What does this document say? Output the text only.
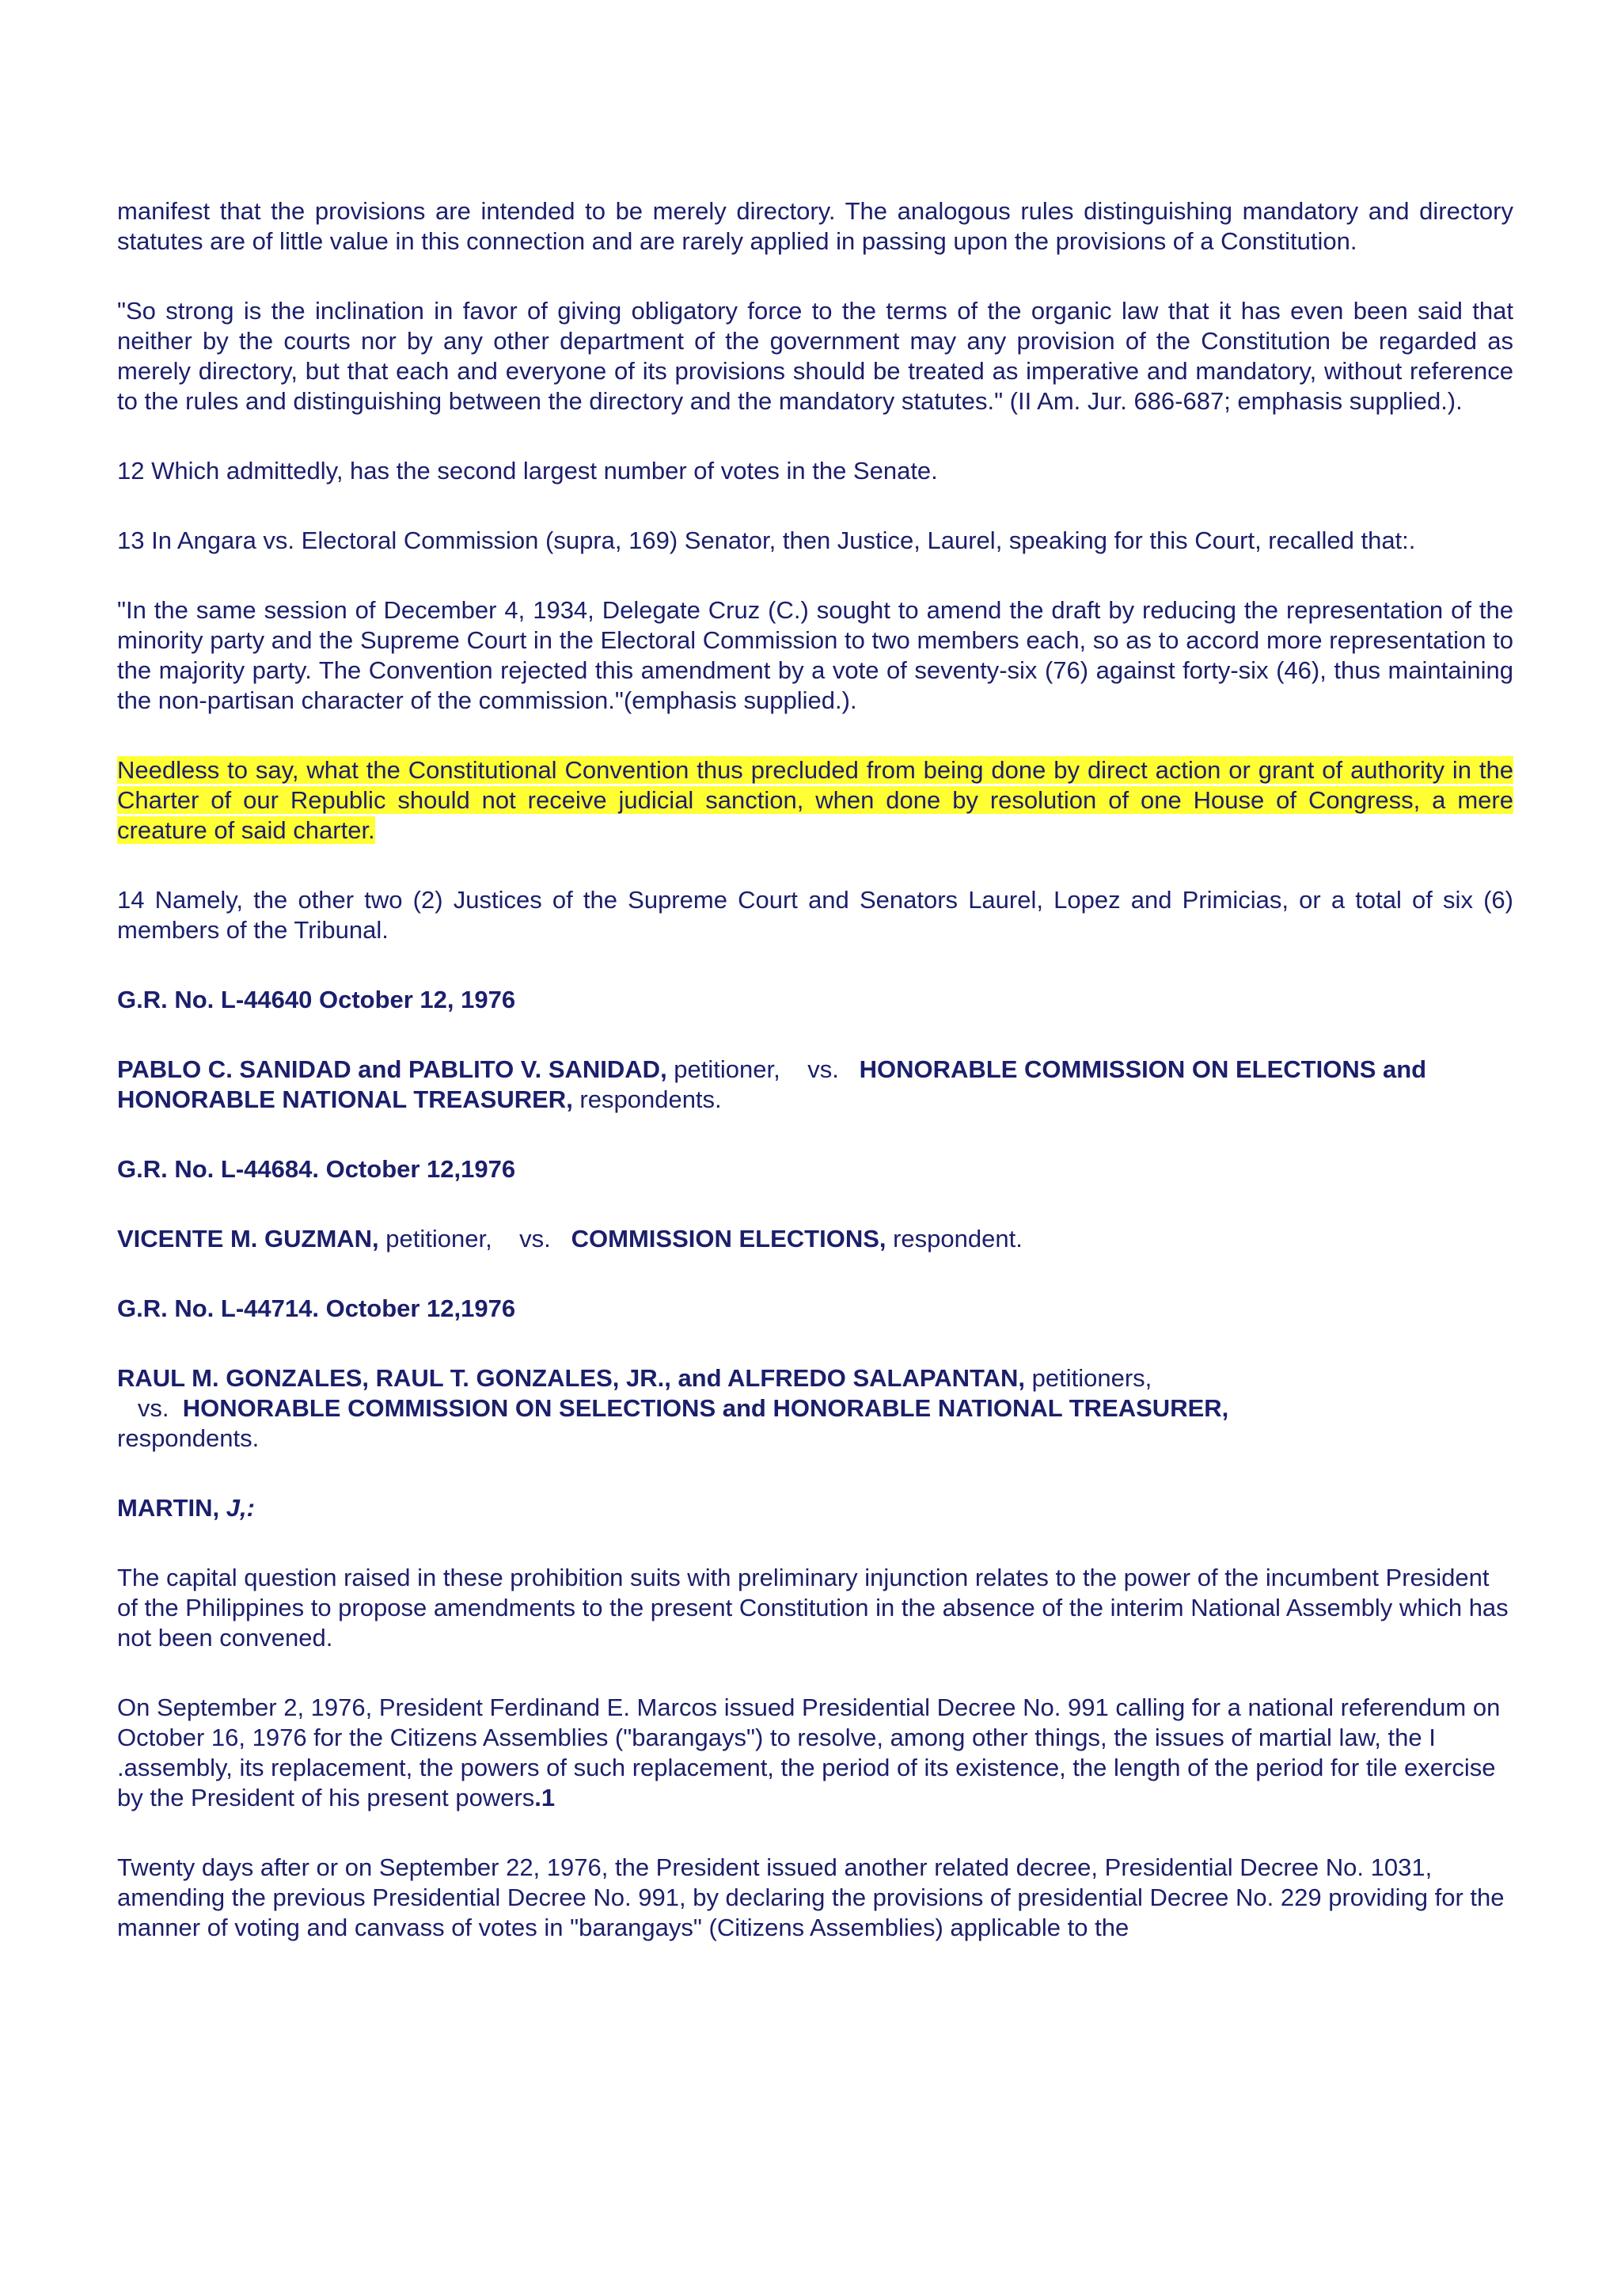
manifest that the provisions are intended to be merely directory. The analogous rules distinguishing mandatory and directory statutes are of little value in this connection and are rarely applied in passing upon the provisions of a Constitution.

"So strong is the inclination in favor of giving obligatory force to the terms of the organic law that it has even been said that neither by the courts nor by any other department of the government may any provision of the Constitution be regarded as merely directory, but that each and everyone of its provisions should be treated as imperative and mandatory, without reference to the rules and distinguishing between the directory and the mandatory statutes." (II Am. Jur. 686-687; emphasis supplied.).

12 Which admittedly, has the second largest number of votes in the Senate.

13 In Angara vs. Electoral Commission (supra, 169) Senator, then Justice, Laurel, speaking for this Court, recalled that:.

"In the same session of December 4, 1934, Delegate Cruz (C.) sought to amend the draft by reducing the representation of the minority party and the Supreme Court in the Electoral Commission to two members each, so as to accord more representation to the majority party. The Convention rejected this amendment by a vote of seventy-six (76) against forty-six (46), thus maintaining the non-partisan character of the commission."(emphasis supplied.).

Needless to say, what the Constitutional Convention thus precluded from being done by direct action or grant of authority in the Charter of our Republic should not receive judicial sanction, when done by resolution of one House of Congress, a mere creature of said charter.

14 Namely, the other two (2) Justices of the Supreme Court and Senators Laurel, Lopez and Primicias, or a total of six (6) members of the Tribunal.

G.R. No. L-44640 October 12, 1976

PABLO C. SANIDAD and PABLITO V. SANIDAD, petitioner, vs. HONORABLE COMMISSION ON ELECTIONS and HONORABLE NATIONAL TREASURER, respondents.

G.R. No. L-44684. October 12,1976

VICENTE M. GUZMAN, petitioner, vs. COMMISSION ELECTIONS, respondent.

G.R. No. L-44714. October 12,1976

RAUL M. GONZALES, RAUL T. GONZALES, JR., and ALFREDO SALAPANTAN, petitioners,
vs. HONORABLE COMMISSION ON SELECTIONS and HONORABLE NATIONAL TREASURER,
respondents.

MARTIN, J,:

The capital question raised in these prohibition suits with preliminary injunction relates to the power of the incumbent President of the Philippines to propose amendments to the present Constitution in the absence of the interim National Assembly which has not been convened.

On September 2, 1976, President Ferdinand E. Marcos issued Presidential Decree No. 991 calling for a national referendum on October 16, 1976 for the Citizens Assemblies ("barangays") to resolve, among other things, the issues of martial law, the I .assembly, its replacement, the powers of such replacement, the period of its existence, the length of the period for tile exercise by the President of his present powers.1

Twenty days after or on September 22, 1976, the President issued another related decree, Presidential Decree No. 1031, amending the previous Presidential Decree No. 991, by declaring the provisions of presidential Decree No. 229 providing for the manner of voting and canvass of votes in "barangays" (Citizens Assemblies) applicable to the
